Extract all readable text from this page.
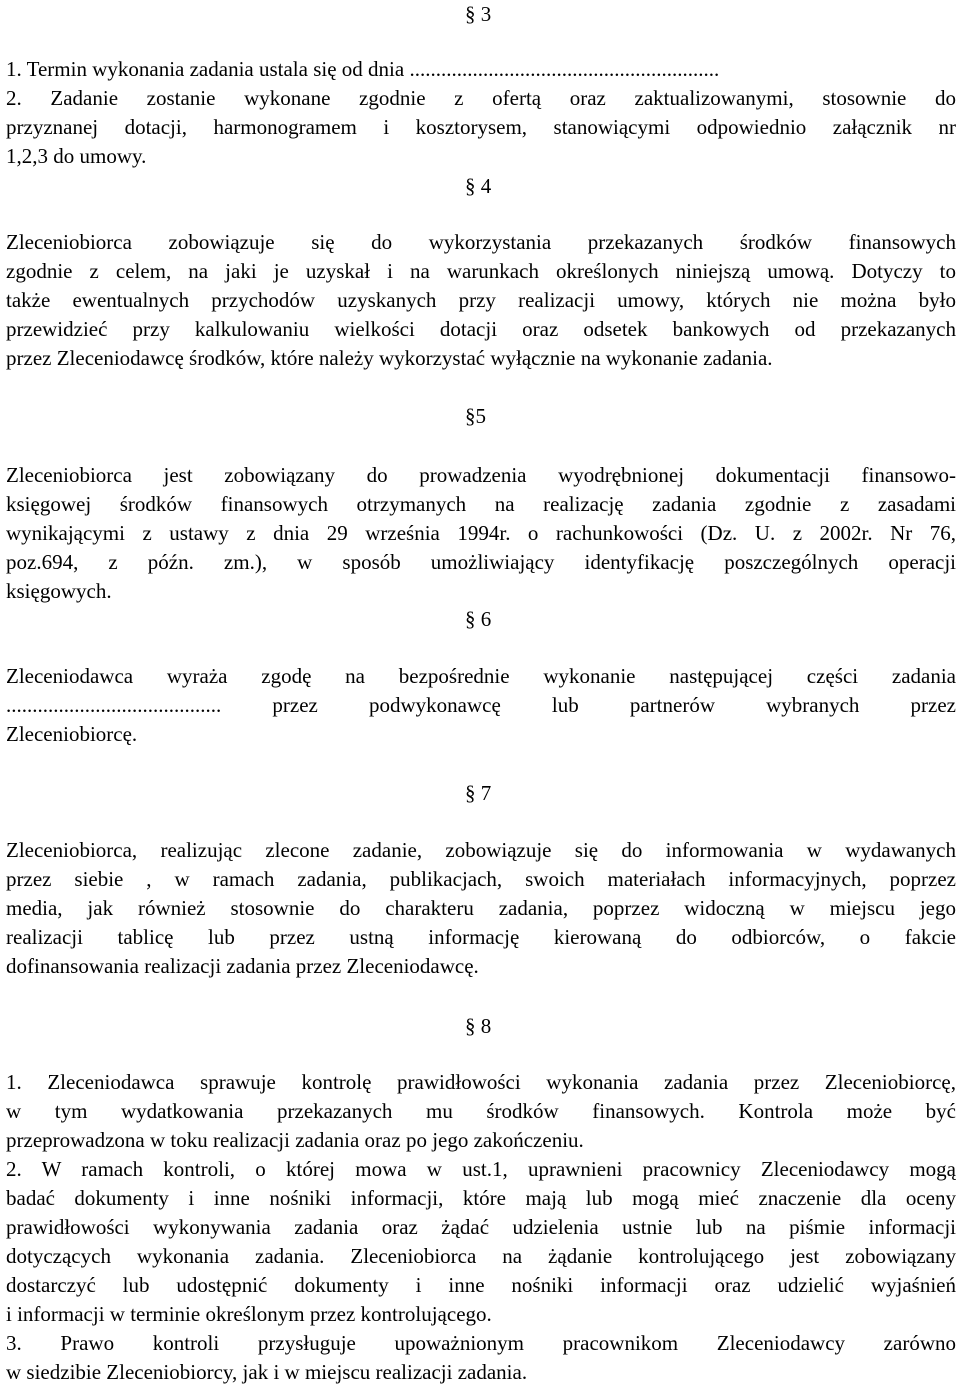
§ 3
1. Termin wykonania zadania ustala się od dnia ...........................................................
2. Zadanie zostanie wykonane zgodnie z ofertą oraz zaktualizowanymi, stosownie do
przyznanej dotacji, harmonogramem i kosztorysem, stanowiącymi odpowiednio załącznik nr
1,2,3 do umowy.
§ 4
Zleceniobiorca zobowiązuje się do wykorzystania przekazanych środków finansowych
zgodnie z celem, na jaki je uzyskał i na warunkach określonych niniejszą umową. Dotyczy to
także ewentualnych przychodów uzyskanych przy realizacji umowy, których nie można było
przewidzieć przy kalkulowaniu wielkości dotacji oraz odsetek bankowych od przekazanych
przez Zleceniodawcę środków, które należy wykorzystać wyłącznie na wykonanie zadania.
§5
Zleceniobiorca jest zobowiązany do prowadzenia wyodrębnionej dokumentacji finansowo-
księgowej środków finansowych otrzymanych na realizację zadania zgodnie z zasadami
wynikającymi z ustawy z dnia 29 września 1994r. o rachunkowości (Dz. U. z 2002r. Nr 76,
poz.694, z późn. zm.), w sposób umożliwiający identyfikację poszczególnych operacji
księgowych.
§ 6
Zleceniodawca wyraża zgodę na bezpośrednie wykonanie następującej części zadania
......................................... przez podwykonawcę lub partnerów wybranych przez
Zleceniobiorcę.
§ 7
Zleceniobiorca, realizując zlecone zadanie, zobowiązuje się do informowania w wydawanych
przez siebie , w ramach zadania, publikacjach, swoich materiałach informacyjnych, poprzez
media, jak również stosownie do charakteru zadania, poprzez widoczną w miejscu jego
realizacji tablicę lub przez ustną informację kierowaną do odbiorców, o fakcie
dofinansowania realizacji zadania przez Zleceniodawcę.
§ 8
1. Zleceniodawca sprawuje kontrolę prawidłowości wykonania zadania przez Zleceniobiorcę,
w tym wydatkowania przekazanych mu środków finansowych. Kontrola może być
przeprowadzona w toku realizacji zadania oraz po jego zakończeniu.
2. W ramach kontroli, o której mowa w ust.1, uprawnieni pracownicy Zleceniodawcy mogą
badać dokumenty i inne nośniki informacji, które mają lub mogą mieć znaczenie dla oceny
prawidłowości wykonywania zadania oraz żądać udzielenia ustnie lub na piśmie informacji
dotyczących wykonania zadania. Zleceniobiorca na żądanie kontrolującego jest zobowiązany
dostarczyć lub udostępnić dokumenty i inne nośniki informacji oraz udzielić wyjaśnień
i informacji w terminie określonym przez kontrolującego.
3. Prawo kontroli przysługuje upoważnionym pracownikom Zleceniodawcy zarówno
w siedzibie Zleceniobiorcy, jak i w miejscu realizacji zadania.
